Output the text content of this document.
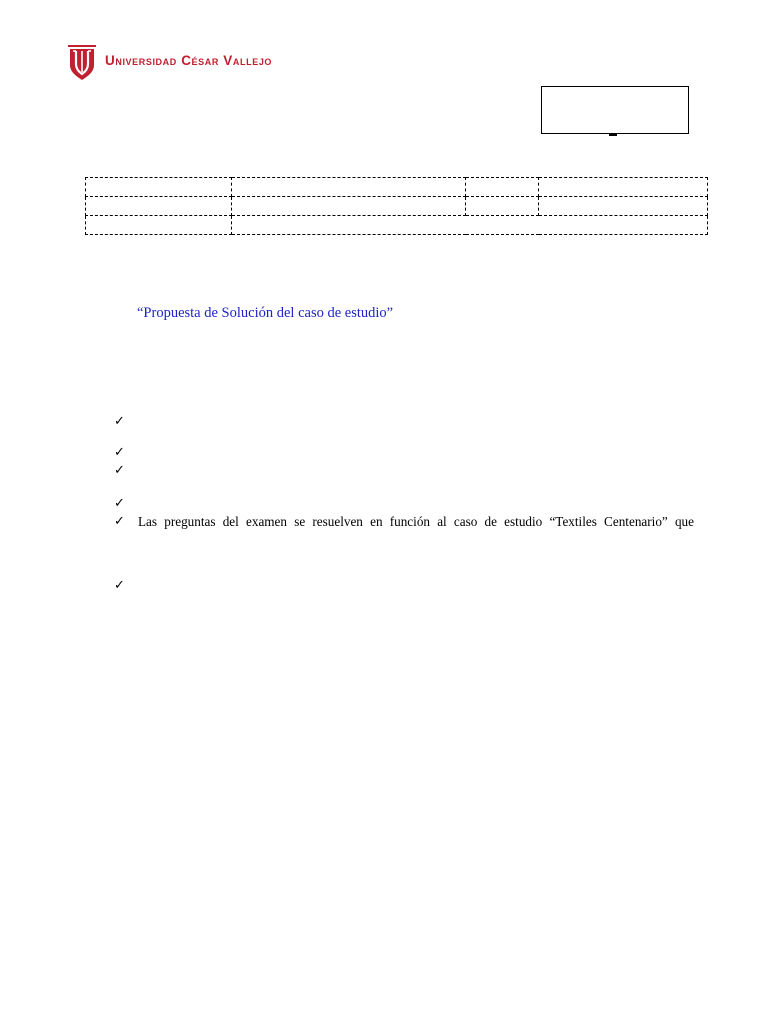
Universidad César Vallejo

“Propuesta de Solución del caso de estudio”
✓
✓
✓
✓
✓ Las preguntas del examen se resuelven en función al caso de estudio “Textiles Centenario” que
✓
